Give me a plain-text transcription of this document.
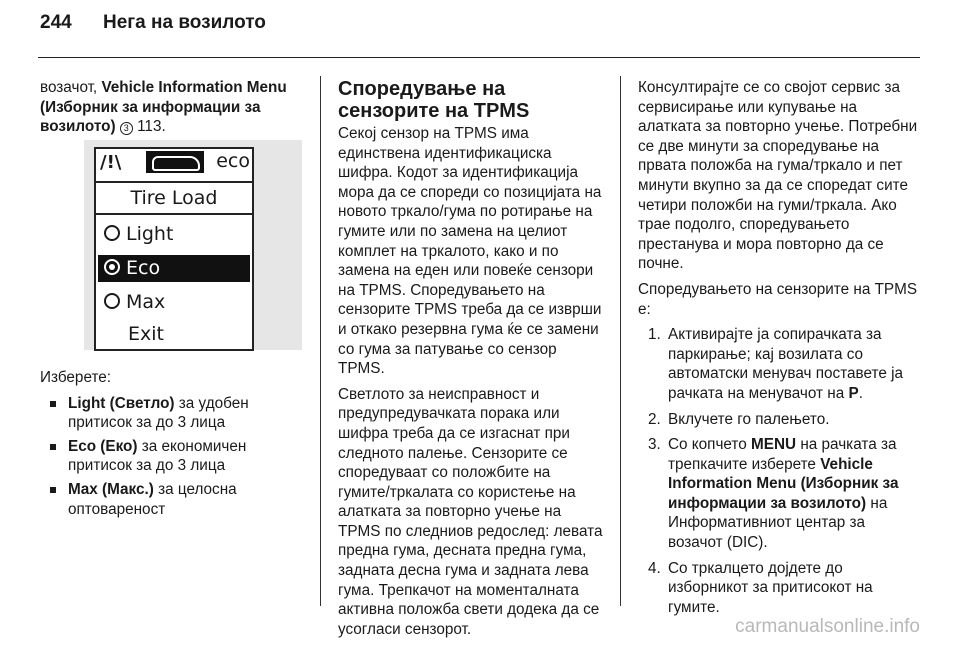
244 Нега на возилото

возачот, Vehicle Information Menu (Изборник за информации за возилото) 3 113.

/!\	eco
Tire Load
Light
Eco
Max
Exit

Изберете:

Light (Светло) за удобен притисок за до 3 лица
Eco (Еко) за економичен притисок за до 3 лица
Max (Макс.) за целосна оптовареност
Спoредување на сензорите на TPMS

Секој сензор на TPMS има единствена идентификациска шифра. Кодот за идентификација мора да се спореди со позицијата на новото тркало/гума по ротирање на гумите или по замена на целиот комплет на тркалото, како и по замена на еден или повеќе сензори на TPMS. Спoредувањето на сензорите TPMS треба да се изврши и откако резервна гума ќе се замени со гума за патување со сензор TPMS.

Светлото за неисправност и предупредувачката порака или шифра треба да се изгаснат при следното палење. Сензорите се споредуваат со положбите на гумите/тркалата со користење на алатката за повторно учење на TPMS по следниов редослед: левата предна гума, десната предна гума, задната десна гума и задната лева гума. Трепкачот на моменталната активна положба свети додека да се усогласи сензорот.

Консултирајте се со својот сервис за сервисирање или купување на алатката за повторно учење. Потребни се две минути за спoредување на првата положба на гума/тркало и пет минути вкупно за да се спoредат сите четири положби на гуми/тркала. Ако трае подолго, спoредувањето престанува и мора повторно да се почне.

Спoредувањето на сензорите на TPMS е:

1. Активирајте ја сопирачката за паркирање; кај возилата со автоматски менувач поставете ја рачката на менувачот на P.
2. Вклучете го палењето.
3. Со копчето MENU на рачката за трепкачите изберете Vehicle Information Menu (Изборник за информации за возилото) на Информативниот центар за возачот (DIC).
4. Со тркалцето дојдете до изборникот за притисокот на гумите.
carmanualsonline.info
